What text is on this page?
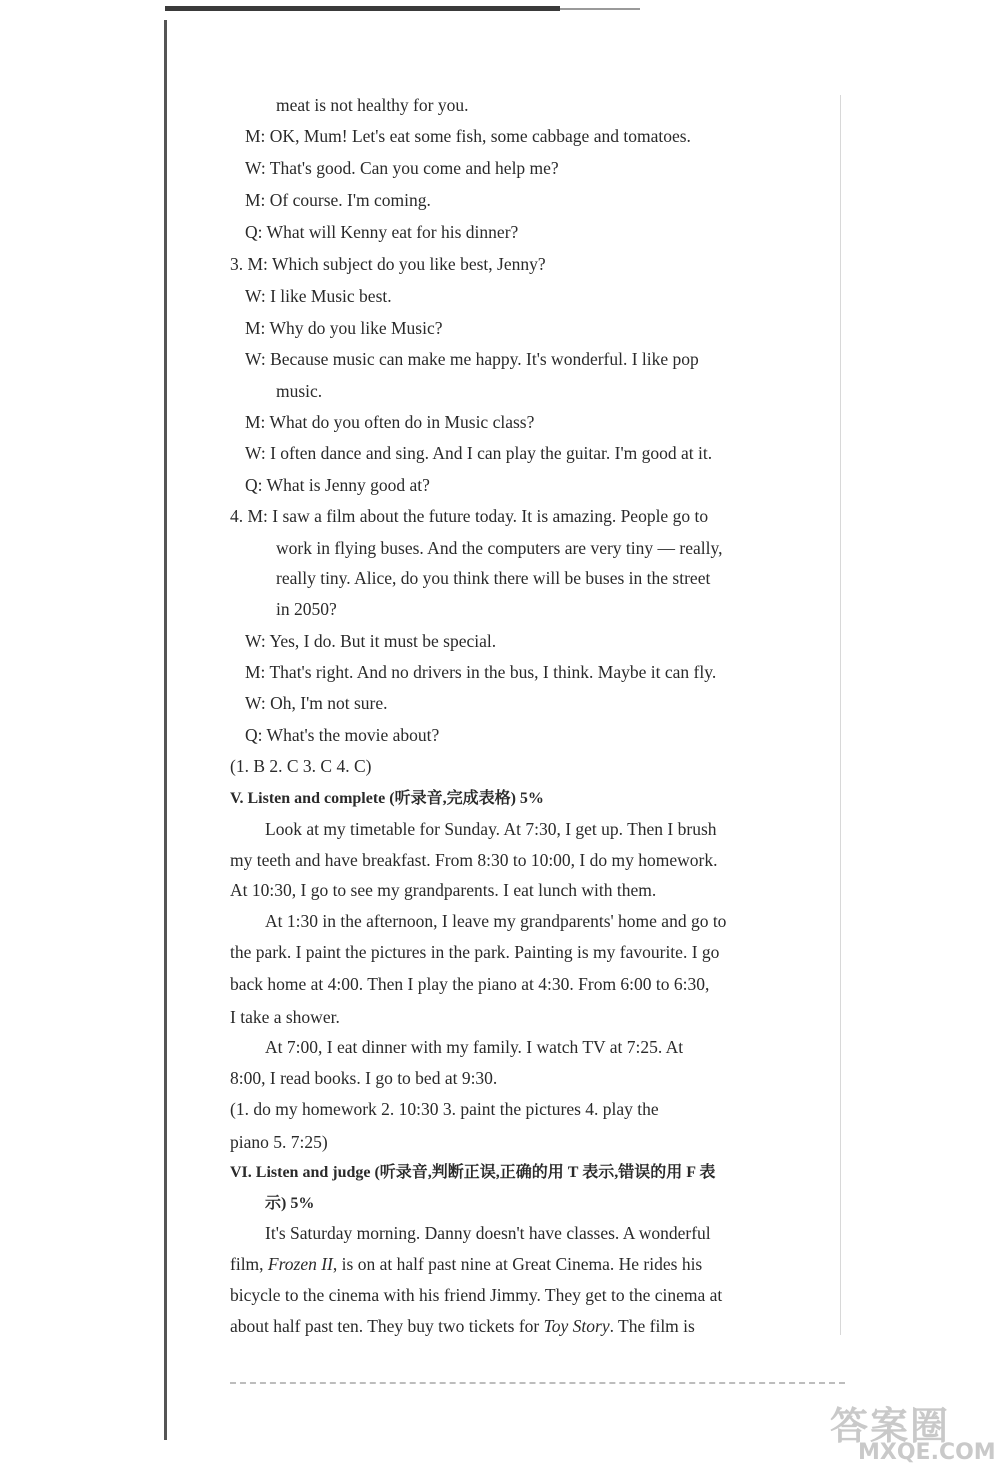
meat is not healthy for you.
M: OK, Mum! Let's eat some fish, some cabbage and tomatoes.
W: That's good. Can you come and help me?
M: Of course. I'm coming.
Q: What will Kenny eat for his dinner?
3. M: Which subject do you like best, Jenny?
W: I like Music best.
M: Why do you like Music?
W: Because music can make me happy. It's wonderful. I like pop
music.
M: What do you often do in Music class?
W: I often dance and sing. And I can play the guitar. I'm good at it.
Q: What is Jenny good at?
4. M: I saw a film about the future today. It is amazing. People go to
work in flying buses. And the computers are very tiny — really,
really tiny. Alice, do you think there will be buses in the street
in 2050?
W: Yes, I do. But it must be special.
M: That's right. And no drivers in the bus, I think. Maybe it can fly.
W: Oh, I'm not sure.
Q: What's the movie about?
(1. B 2. C 3. C 4. C)
V. Listen and complete (听录音,完成表格) 5%
Look at my timetable for Sunday. At 7:30, I get up. Then I brush
my teeth and have breakfast. From 8:30 to 10:00, I do my homework.
At 10:30, I go to see my grandparents. I eat lunch with them.
At 1:30 in the afternoon, I leave my grandparents' home and go to
the park. I paint the pictures in the park. Painting is my favourite. I go
back home at 4:00. Then I play the piano at 4:30. From 6:00 to 6:30,
I take a shower.
At 7:00, I eat dinner with my family. I watch TV at 7:25. At
8:00, I read books. I go to bed at 9:30.
(1. do my homework 2. 10:30 3. paint the pictures 4. play the
piano 5. 7:25)
VI. Listen and judge (听录音,判断正误,正确的用 T 表示,错误的用 F 表
示) 5%
It's Saturday morning. Danny doesn't have classes. A wonderful
film, Frozen II, is on at half past nine at Great Cinema. He rides his
bicycle to the cinema with his friend Jimmy. They get to the cinema at
about half past ten. They buy two tickets for Toy Story. The film is
答案圈
MXQE.COM
